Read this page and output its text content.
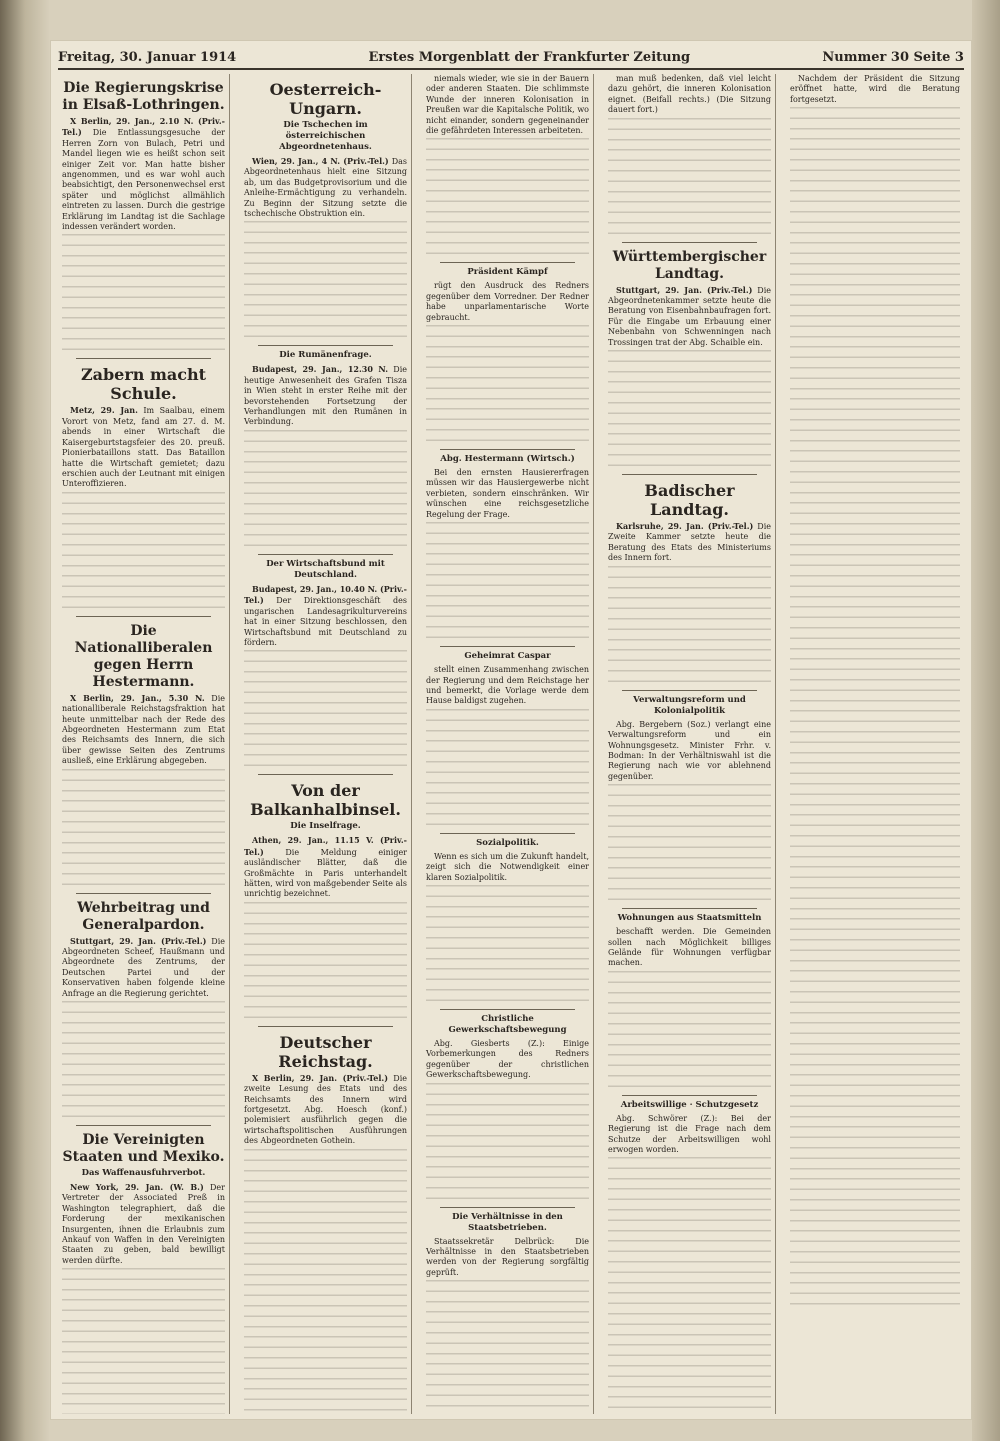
Freitag, 30. Januar 1914	Erstes Morgenblatt der Frankfurter Zeitung	Nummer 30 Seite 3
Die Regierungskrise in Elsaß-Lothringen.

X Berlin, 29. Jan., 2.10 N. (Priv.-Tel.) Die Entlassungsgesuche der Herren Zorn von Bulach, Petri und Mandel liegen wie es heißt schon seit einiger Zeit vor. Man hatte bisher angenommen, und es war wohl auch beabsichtigt, den Personenwechsel erst später und möglichst allmählich eintreten zu lassen. Durch die gestrige Erklärung im Landtag ist die Sachlage indessen verändert worden.

Zabern macht Schule.

Metz, 29. Jan. Im Saalbau, einem Vorort von Metz, fand am 27. d. M. abends in einer Wirtschaft die Kaisergeburtstagsfeier des 20. preuß. Pionierbataillons statt. Das Bataillon hatte die Wirtschaft gemietet; dazu erschien auch der Leutnant mit einigen Unteroffizieren.

Die Nationalliberalen gegen Herrn Hestermann.

X Berlin, 29. Jan., 5.30 N. Die nationalliberale Reichstagsfraktion hat heute unmittelbar nach der Rede des Abgeordneten Hestermann zum Etat des Reichsamts des Innern, die sich über gewisse Seiten des Zentrums ausließ, eine Erklärung abgegeben.

Wehrbeitrag und Generalpardon.

Stuttgart, 29. Jan. (Priv.-Tel.) Die Abgeordneten Scheef, Haußmann und Abgeordnete des Zentrums, der Deutschen Partei und der Konservativen haben folgende kleine Anfrage an die Regierung gerichtet.

Die Vereinigten Staaten und Mexiko.
Das Waffenausfuhrverbot.

New York, 29. Jan. (W. B.) Der Vertreter der Associated Preß in Washington telegraphiert, daß die Forderung der mexikanischen Insurgenten, ihnen die Erlaubnis zum Ankauf von Waffen in den Vereinigten Staaten zu geben, bald bewilligt werden dürfte.

Oesterreich-Ungarn.
Die Tschechen im österreichischen Abgeordnetenhaus.

Wien, 29. Jan., 4 N. (Priv.-Tel.) Das Abgeordnetenhaus hielt eine Sitzung ab, um das Budgetprovisorium und die Anleihe-Ermächtigung zu verhandeln. Zu Beginn der Sitzung setzte die tschechische Obstruktion ein.

Die Rumänenfrage.

Budapest, 29. Jan., 12.30 N. Die heutige Anwesenheit des Grafen Tisza in Wien steht in erster Reihe mit der bevorstehenden Fortsetzung der Verhandlungen mit den Rumänen in Verbindung.

Der Wirtschaftsbund mit Deutschland.

Budapest, 29. Jan., 10.40 N. (Priv.-Tel.) Der Direktionsgeschäft des ungarischen Landesagrikulturvereins hat in einer Sitzung beschlossen, den Wirtschaftsbund mit Deutschland zu fördern.

Von der Balkanhalbinsel.
Die Inselfrage.

Athen, 29. Jan., 11.15 V. (Priv.-Tel.)	Die Meldung einiger ausländischer Blätter, daß die Großmächte in Paris unterhandelt hätten, wird von maßgebender Seite als unrichtig bezeichnet.

Deutscher Reichstag.

X Berlin, 29. Jan. (Priv.-Tel.) Die zweite Lesung des Etats und des Reichsamts des Innern wird fortgesetzt. Abg. Hoesch (konf.) polemisiert ausführlich gegen die wirtschaftspolitischen Ausführungen des Abgeordneten Gothein.

niemals wieder, wie sie in der Bauern oder anderen Staaten. Die schlimmste Wunde der inneren Kolonisation in Preußen war die Kapitalsche Politik, wo nicht einander, sondern gegeneinander die gefährdeten Interessen arbeiteten.

Präsident Kämpf

rügt den Ausdruck des Redners gegenüber dem Vorredner. Der Redner habe unparlamentarische Worte gebraucht.

Abg. Hestermann (Wirtsch.)

Bei den ernsten Hausiererfragen müssen wir das Hausiergewerbe nicht verbieten, sondern einschränken. Wir wünschen eine reichsgesetzliche Regelung der Frage.

Geheimrat Caspar

stellt einen Zusammenhang zwischen der Regierung und dem Reichstage her und bemerkt, die Vorlage werde dem Hause baldigst zugehen.

Sozialpolitik.

Wenn es sich um die Zukunft handelt, zeigt sich die Notwendigkeit einer klaren Sozialpolitik.

Christliche Gewerkschaftsbewegung

Abg. Giesberts (Z.): Einige Vorbemerkungen des Redners gegenüber der christlichen Gewerkschaftsbewegung.

Die Verhältnisse in den Staatsbetrieben.

Staatssekretär Delbrück: Die Verhältnisse in den Staatsbetrieben werden von der Regierung sorgfältig geprüft.

man muß bedenken, daß viel leicht dazu gehört, die inneren Kolonisation eignet. (Beifall rechts.) (Die Sitzung dauert fort.)

Württembergischer Landtag.

Stuttgart, 29. Jan. (Priv.-Tel.) Die Abgeordnetenkammer setzte heute die Beratung von Eisenbahnbaufragen fort. Für die Eingabe um Erbauung einer Nebenbahn von Schwenningen nach Trossingen trat der Abg. Schaible ein.

Badischer Landtag.

Karlsruhe, 29. Jan. (Priv.-Tel.) Die Zweite Kammer setzte heute die Beratung des Etats des Ministeriums des Innern fort.

Verwaltungsreform und Kolonialpolitik

Abg. Bergebern (Soz.) verlangt eine Verwaltungsreform und ein Wohnungsgesetz. Minister Frhr. v. Bodman: In der Verhältniswahl ist die Regierung nach wie vor ablehnend gegenüber.

Wohnungen aus Staatsmitteln

beschafft werden. Die Gemeinden sollen nach Möglichkeit billiges Gelände für Wohnungen verfügbar machen.

Arbeitswillige · Schutzgesetz

Abg. Schwörer (Z.): Bei der Regierung ist die Frage nach dem Schutze der Arbeitswilligen wohl erwogen worden.

Nachdem der Präsident die Sitzung eröffnet hatte, wird die Beratung fortgesetzt.
